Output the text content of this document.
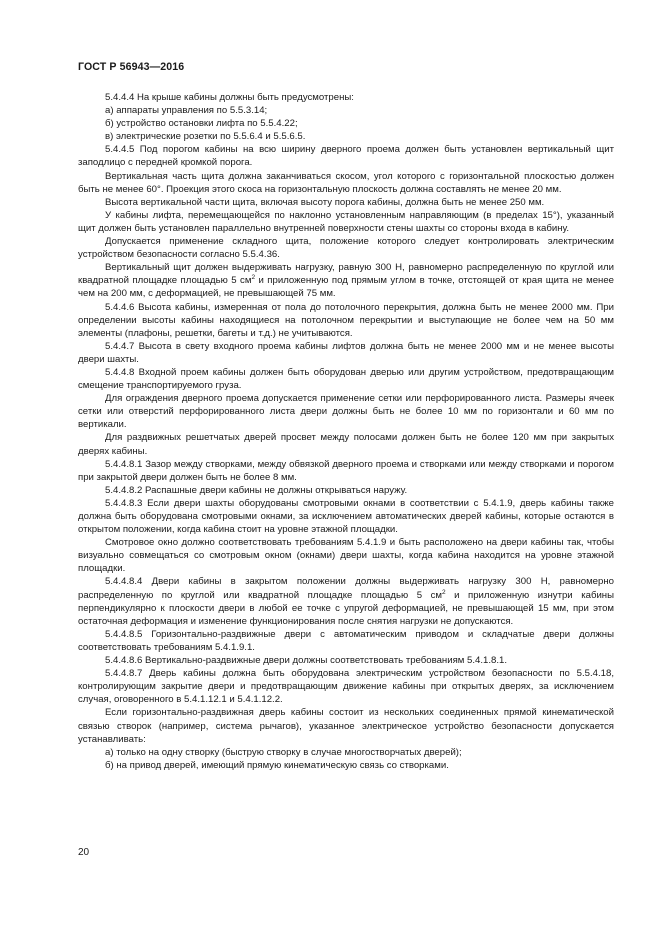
ГОСТ Р 56943—2016

5.4.4.4 На крыше кабины должны быть предусмотрены:

а) аппараты управления по 5.5.3.14;

б) устройство остановки лифта по 5.5.4.22;

в) электрические розетки по 5.5.6.4 и 5.5.6.5.

5.4.4.5 Под порогом кабины на всю ширину дверного проема должен быть установлен вертикальный щит заподлицо с передней кромкой порога.

Вертикальная часть щита должна заканчиваться скосом, угол которого с горизонтальной плоскостью должен быть не менее 60°. Проекция этого скоса на горизонтальную плоскость должна составлять не менее 20 мм.

Высота вертикальной части щита, включая высоту порога кабины, должна быть не менее 250 мм.

У кабины лифта, перемещающейся по наклонно установленным направляющим (в пределах 15°), указанный щит должен быть установлен параллельно внутренней поверхности стены шахты со стороны входа в кабину.

Допускается применение складного щита, положение которого следует контролировать электрическим устройством безопасности согласно 5.5.4.36.

Вертикальный щит должен выдерживать нагрузку, равную 300 Н, равномерно распределенную по круглой или квадратной площадке площадью 5 $см^2$ и приложенную под прямым углом в точке, отстоящей от края щита не менее чем на 200 мм, с деформацией, не превышающей 75 мм.

5.4.4.6 Высота кабины, измеренная от пола до потолочного перекрытия, должна быть не менее 2000 мм. При определении высоты кабины находящиеся на потолочном перекрытии и выступающие не более чем на 50 мм элементы (плафоны, решетки, багеты и т.д.) не учитываются.

5.4.4.7 Высота в свету входного проема кабины лифтов должна быть не менее 2000 мм и не менее высоты двери шахты.

5.4.4.8 Входной проем кабины должен быть оборудован дверью или другим устройством, предотвращающим смещение транспортируемого груза.

Для ограждения дверного проема допускается применение сетки или перфорированного листа. Размеры ячеек сетки или отверстий перфорированного листа двери должны быть не более 10 мм по горизонтали и 60 мм по вертикали.

Для раздвижных решетчатых дверей просвет между полосами должен быть не более 120 мм при закрытых дверях кабины.

5.4.4.8.1 Зазор между створками, между обвязкой дверного проема и створками или между створками и порогом при закрытой двери должен быть не более 8 мм.

5.4.4.8.2 Распашные двери кабины не должны открываться наружу.

5.4.4.8.3 Если двери шахты оборудованы смотровыми окнами в соответствии с 5.4.1.9, дверь кабины также должна быть оборудована смотровыми окнами, за исключением автоматических дверей кабины, которые остаются в открытом положении, когда кабина стоит на уровне этажной площадки.

Смотровое окно должно соответствовать требованиям 5.4.1.9 и быть расположено на двери кабины так, чтобы визуально совмещаться со смотровым окном (окнами) двери шахты, когда кабина находится на уровне этажной площадки.

5.4.4.8.4 Двери кабины в закрытом положении должны выдерживать нагрузку 300 Н, равномерно распределенную по круглой или квадратной площадке площадью 5 $см^2$ и приложенную изнутри кабины перпендикулярно к плоскости двери в любой ее точке с упругой деформацией, не превышающей 15 мм, при этом остаточная деформация и изменение функционирования после снятия нагрузки не допускаются.

5.4.4.8.5 Горизонтально-раздвижные двери с автоматическим приводом и складчатые двери должны соответствовать требованиям 5.4.1.9.1.

5.4.4.8.6 Вертикально-раздвижные двери должны соответствовать требованиям 5.4.1.8.1.

5.4.4.8.7 Дверь кабины должна быть оборудована электрическим устройством безопасности по 5.5.4.18, контролирующим закрытие двери и предотвращающим движение кабины при открытых дверях, за исключением случая, оговоренного в 5.4.1.12.1 и 5.4.1.12.2.

Если горизонтально-раздвижная дверь кабины состоит из нескольких соединенных прямой кинематической связью створок (например, система рычагов), указанное электрическое устройство безопасности допускается устанавливать:

а) только на одну створку (быструю створку в случае многостворчатых дверей);

б) на привод дверей, имеющий прямую кинематическую связь со створками.

20
